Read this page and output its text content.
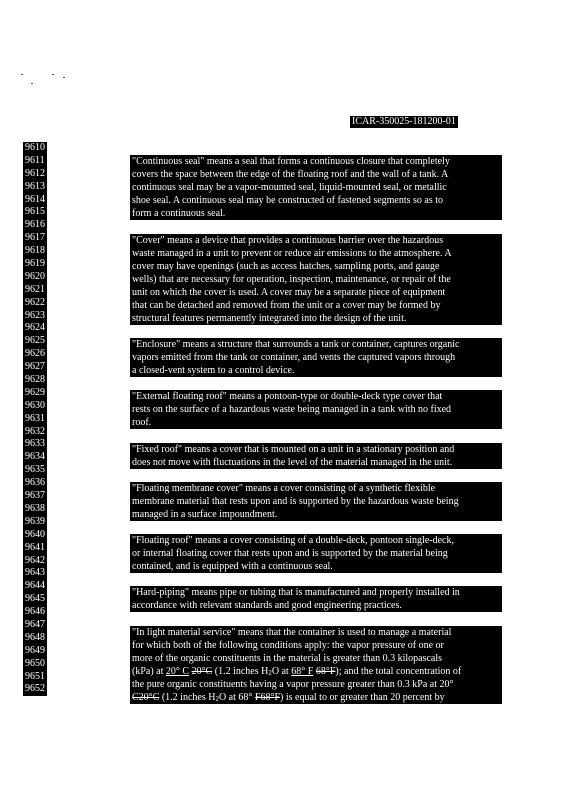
ICAR-350025-181200-01
9610
9611
9612
9613
9614
9615
9616
9617
9618
9619
9620
9621
9622
9623
9624
9625
9626
9627
9628
9629
9630
9631
9632
9633
9634
9635
9636
9637
9638
9639
9640
9641
9642
9643
9644
9645
9646
9647
9648
9649
9650
9651
9652
"Continuous seal" means a seal that forms a continuous closure that completely
covers the space between the edge of the floating roof and the wall of a tank. A
continuous seal may be a vapor-mounted seal, liquid-mounted seal, or metallic
shoe seal. A continuous seal may be constructed of fastened segments so as to
form a continuous seal.
"Cover" means a device that provides a continuous barrier over the hazardous
waste managed in a unit to prevent or reduce air emissions to the atmosphere. A
cover may have openings (such as access hatches, sampling ports, and gauge
wells) that are necessary for operation, inspection, maintenance, or repair of the
unit on which the cover is used. A cover may be a separate piece of equipment
that can be detached and removed from the unit or a cover may be formed by
structural features permanently integrated into the design of the unit.
"Enclosure" means a structure that surrounds a tank or container, captures organic
vapors emitted from the tank or container, and vents the captured vapors through
a closed-vent system to a control device.
"External floating roof" means a pontoon-type or double-deck type cover that
rests on the surface of a hazardous waste being managed in a tank with no fixed
roof.
"Fixed roof" means a cover that is mounted on a unit in a stationary position and
does not move with fluctuations in the level of the material managed in the unit.
"Floating membrane cover" means a cover consisting of a synthetic flexible
membrane material that rests upon and is supported by the hazardous waste being
managed in a surface impoundment.
"Floating roof" means a cover consisting of a double-deck, pontoon single-deck,
or internal floating cover that rests upon and is supported by the material being
contained, and is equipped with a continuous seal.
"Hard-piping" means pipe or tubing that is manufactured and properly installed in
accordance with relevant standards and good engineering practices.
"In light material service" means that the container is used to manage a material
for which both of the following conditions apply: the vapor pressure of one or
more of the organic constituents in the material is greater than 0.3 kilopascals
(kPa) at 20° C 20°C (1.2 inches $H_2O$ at 68° F 68°F); and the total concentration of
the pure organic constituents having a vapor pressure greater than 0.3 kPa at 20°
C20°C (1.2 inches $H_2O$ at 68° F68°F) is equal to or greater than 20 percent by
